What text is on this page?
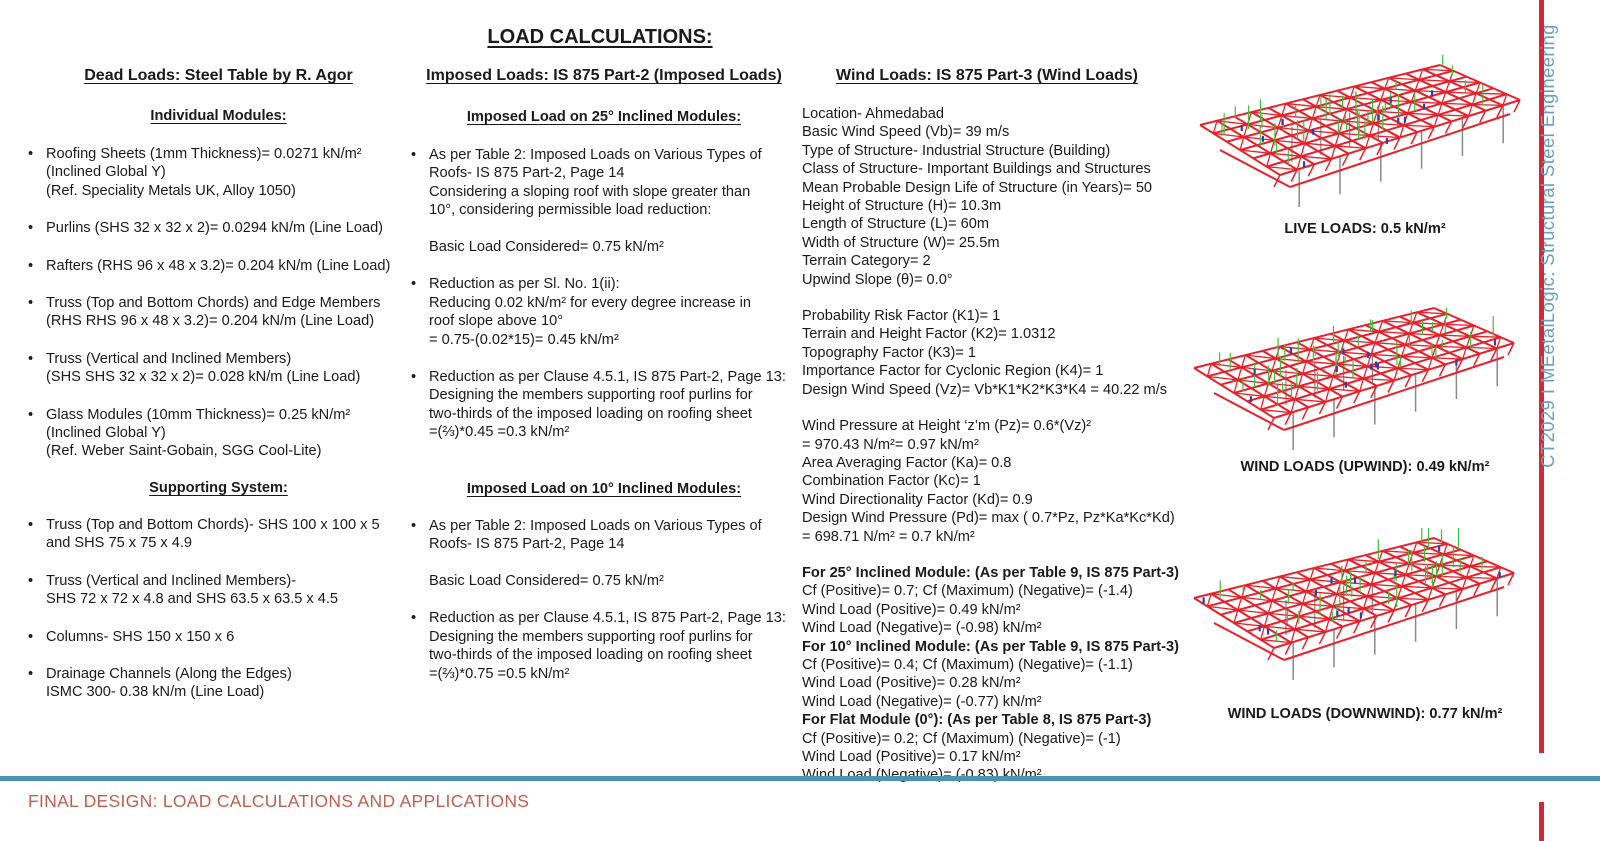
LOAD CALCULATIONS:
Dead Loads: Steel Table by R. Agor
Individual Modules:
• Roofing Sheets (1mm Thickness)= 0.0271 kN/m²
(Inclined Global Y)
(Ref. Speciality Metals UK, Alloy 1050)
• Purlins (SHS 32 x 32 x 2)= 0.0294 kN/m (Line Load)
• Rafters (RHS 96 x 48 x 3.2)= 0.204 kN/m (Line Load)
• Truss (Top and Bottom Chords) and Edge Members
(RHS RHS 96 x 48 x 3.2)= 0.204 kN/m (Line Load)
• Truss (Vertical and Inclined Members)
(SHS SHS 32 x 32 x 2)= 0.028 kN/m (Line Load)
• Glass Modules (10mm Thickness)= 0.25 kN/m²
(Inclined Global Y)
(Ref. Weber Saint-Gobain, SGG Cool-Lite)
Supporting System:
• Truss (Top and Bottom Chords)- SHS 100 x 100 x 5
and SHS 75 x 75 x 4.9
• Truss (Vertical and Inclined Members)-
SHS 72 x 72 x 4.8 and SHS 63.5 x 63.5 x 4.5
• Columns- SHS 150 x 150 x 6
• Drainage Channels (Along the Edges)
ISMC 300- 0.38 kN/m (Line Load)
Imposed Loads: IS 875 Part-2 (Imposed Loads)
Imposed Load on 25° Inclined Modules:
• As per Table 2: Imposed Loads on Various Types of
Roofs- IS 875 Part-2, Page 14
Considering a sloping roof with slope greater than
10°, considering permissible load reduction:

Basic Load Considered= 0.75 kN/m²
• Reduction as per Sl. No. 1(ii):
Reducing 0.02 kN/m² for every degree increase in
roof slope above 10°
= 0.75-(0.02*15)= 0.45 kN/m²
• Reduction as per Clause 4.5.1, IS 875 Part-2, Page 13:
Designing the members supporting roof purlins for
two-thirds of the imposed loading on roofing sheet
=(⅔)*0.45 =0.3 kN/m²
Imposed Load on 10° Inclined Modules:
• As per Table 2: Imposed Loads on Various Types of
Roofs- IS 875 Part-2, Page 14

Basic Load Considered= 0.75 kN/m²
• Reduction as per Clause 4.5.1, IS 875 Part-2, Page 13:
Designing the members supporting roof purlins for
two-thirds of the imposed loading on roofing sheet
=(⅔)*0.75 =0.5 kN/m²
Wind Loads: IS 875 Part-3 (Wind Loads)
Location- Ahmedabad
Basic Wind Speed (Vb)= 39 m/s
Type of Structure- Industrial Structure (Building)
Class of Structure- Important Buildings and Structures
Mean Probable Design Life of Structure (in Years)= 50
Height of Structure (H)= 10.3m
Length of Structure (L)= 60m
Width of Structure (W)= 25.5m
Terrain Category= 2
Upwind Slope (θ)= 0.0°
Probability Risk Factor (K1)= 1
Terrain and Height Factor (K2)= 1.0312
Topography Factor (K3)= 1
Importance Factor for Cyclonic Region (K4)= 1
Design Wind Speed (Vz)= Vb*K1*K2*K3*K4 = 40.22 m/s
Wind Pressure at Height ‘z’m (Pz)= 0.6*(Vz)²
= 970.43 N/m²= 0.97 kN/m²
Area Averaging Factor (Ka)= 0.8
Combination Factor (Kc)= 1
Wind Directionality Factor (Kd)= 0.9
Design Wind Pressure (Pd)= max ( 0.7*Pz, Pz*Ka*Kc*Kd)
= 698.71 N/m² = 0.7 kN/m²
For 25° Inclined Module: (As per Table 9, IS 875 Part-3)
Cf (Positive)= 0.7; Cf (Maximum) (Negative)= (-1.4)
Wind Load (Positive)= 0.49 kN/m²
Wind Load (Negative)= (-0.98) kN/m²
For 10° Inclined Module: (As per Table 9, IS 875 Part-3)
Cf (Positive)= 0.4; Cf (Maximum) (Negative)= (-1.1)
Wind Load (Positive)= 0.28 kN/m²
Wind Load (Negative)= (-0.77) kN/m²
For Flat Module (0°): (As per Table 8, IS 875 Part-3)
Cf (Positive)= 0.2; Cf (Maximum) (Negative)= (-1)
Wind Load (Positive)= 0.17 kN/m²
LIVE LOADS: 0.5 kN/m²
WIND LOADS (UPWIND): 0.49 kN/m²
WIND LOADS (DOWNWIND): 0.77 kN/m²
CT2029 I MEetalLogic: Structural Steel Engineering
FINAL DESIGN: LOAD CALCULATIONS AND APPLICATIONS
